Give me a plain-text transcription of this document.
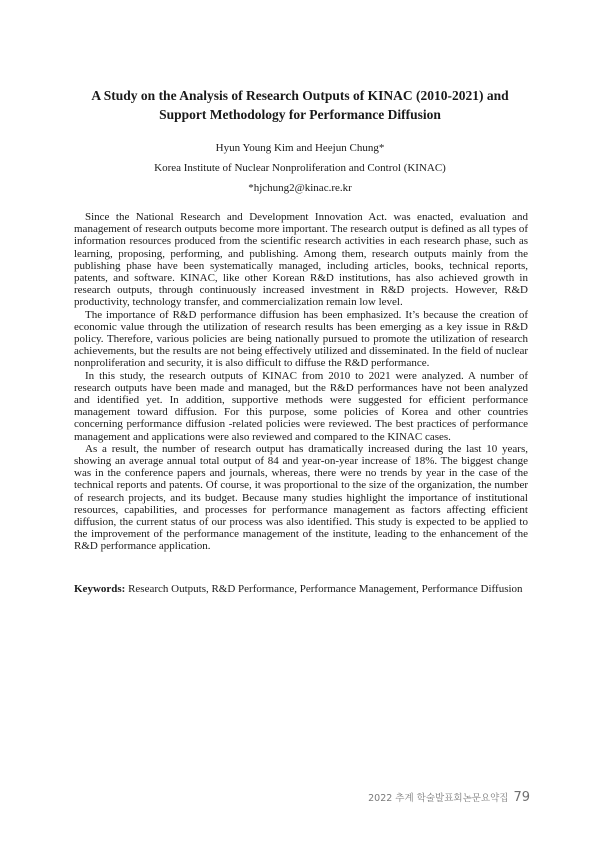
A Study on the Analysis of Research Outputs of KINAC (2010-2021) and
Support Methodology for Performance Diffusion
Hyun Young Kim and Heejun Chung*
Korea Institute of Nuclear Nonproliferation and Control (KINAC)
*hjchung2@kinac.re.kr

Since the National Research and Development Innovation Act. was enacted, evaluation and management of research outputs become more important. The research output is defined as all types of information resources produced from the scientific research activities in each research phase, such as learning, proposing, performing, and publishing. Among them, research outputs mainly from the publishing phase have been systematically managed, including articles, books, technical reports, patents, and software. KINAC, like other Korean R&D institutions, has also achieved growth in research outputs, through continuously increased investment in R&D projects. However, R&D productivity, technology transfer, and commercialization remain low level.

The importance of R&D performance diffusion has been emphasized. It’s because the creation of economic value through the utilization of research results has been emerging as a key issue in R&D policy. Therefore, various policies are being nationally pursued to promote the utilization of research achievements, but the results are not being effectively utilized and disseminated. In the field of nuclear nonproliferation and security, it is also difficult to diffuse the R&D performance.

In this study, the research outputs of KINAC from 2010 to 2021 were analyzed. A number of research outputs have been made and managed, but the R&D performances have not been analyzed and identified yet. In addition, supportive methods were suggested for efficient performance management toward diffusion. For this purpose, some policies of Korea and other countries concerning performance diffusion -related policies were reviewed. The best practices of performance management and applications were also reviewed and compared to the KINAC cases.

As a result, the number of research output has dramatically increased during the last 10 years, showing an average annual total output of 84 and year-on-year increase of 18%. The biggest change was in the conference papers and journals, whereas, there were no trends by year in the case of the technical reports and patents. Of course, it was proportional to the size of the organization, the number of research projects, and its budget. Because many studies highlight the importance of institutional resources, capabilities, and processes for performance management as factors affecting efficient diffusion, the current status of our process was also identified. This study is expected to be applied to the improvement of the performance management of the institute, leading to the enhancement of the R&D performance application.

Keywords: Research Outputs, R&D Performance, Performance Management, Performance Diffusion
2022 추계 학술발표회논문요약집 79
